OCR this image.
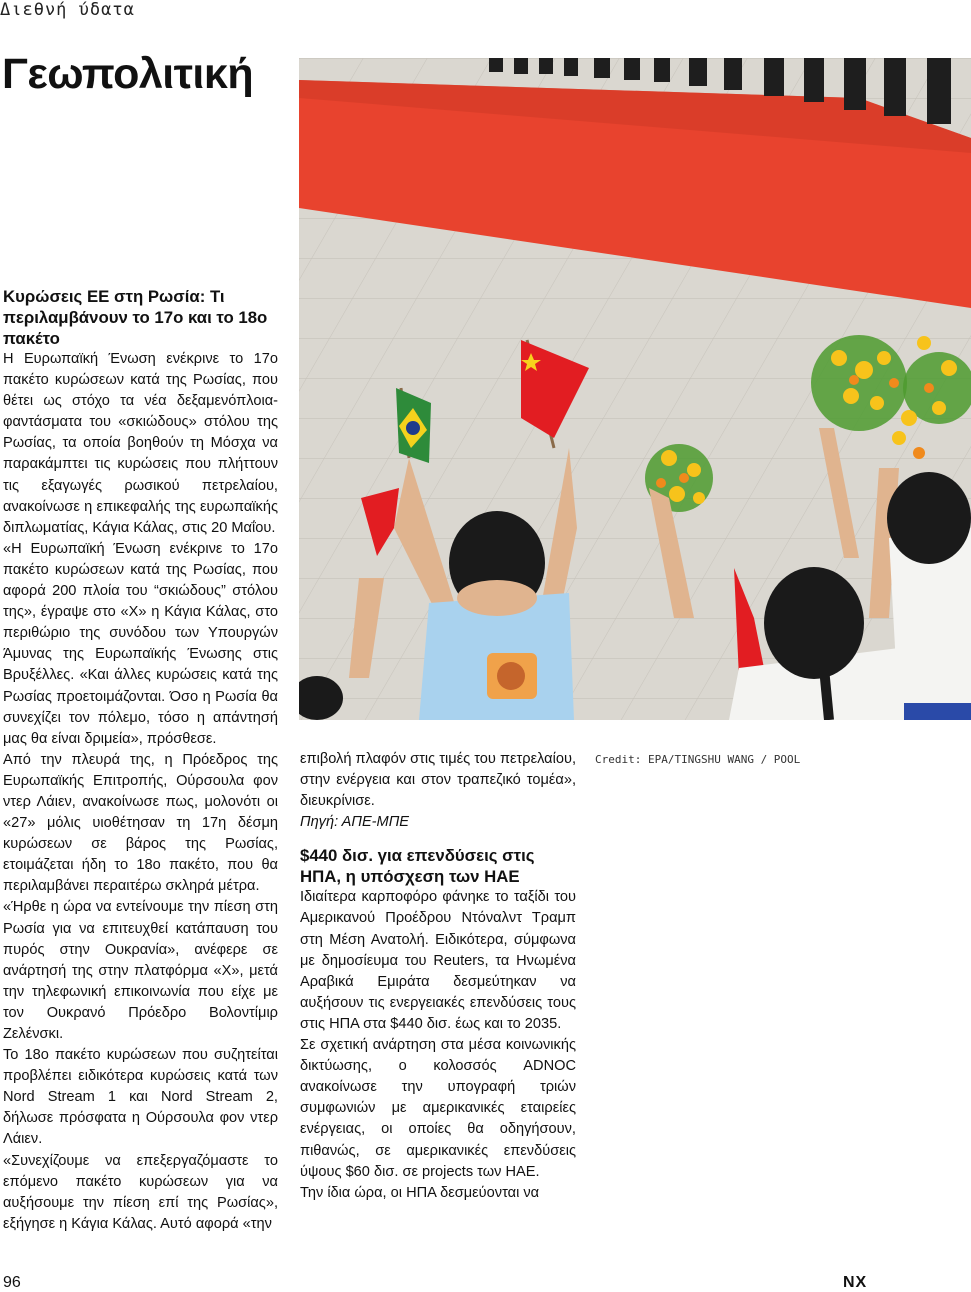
Διεθνή ύδατα
Γεωπολιτική
Credit: EPA/TINGSHU WANG / POOL
Κυρώσεις ΕΕ στη Ρωσία: Τι περιλαμβάνουν το 17ο και το 18ο πακέτο

Η Ευρωπαϊκή Ένωση ενέκρινε το 17ο πακέτο κυρώσεων κατά της Ρωσίας, που θέτει ως στόχο τα νέα δεξαμενόπλοια-φαντάσματα του «σκιώδους» στόλου της Ρωσίας, τα οποία βοηθούν τη Μόσχα να παρακάμπτει τις κυρώσεις που πλήττουν τις εξαγωγές ρωσικού πετρελαίου, ανακοίνωσε η επικεφαλής της ευρωπαϊκής διπλωματίας, Κάγια Κάλας, στις 20 Μαΐου.

«Η Ευρωπαϊκή Ένωση ενέκρινε το 17ο πακέτο κυρώσεων κατά της Ρωσίας, που αφορά 200 πλοία του “σκιώδους” στόλου της», έγραψε στο «Χ» η Κάγια Κάλας, στο περιθώριο της συνόδου των Υπουργών Άμυνας της Ευρωπαϊκής Ένωσης στις Βρυξέλλες. «Και άλλες κυρώσεις κατά της Ρωσίας προετοιμάζονται. Όσο η Ρωσία θα συνεχίζει τον πόλεμο, τόσο η απάντησή μας θα είναι δριμεία», πρόσθεσε.

Από την πλευρά της, η Πρόεδρος της Ευρωπαϊκής Επιτροπής, Ούρσουλα φον ντερ Λάιεν, ανακοίνωσε πως, μολονότι οι «27» μόλις υιοθέτησαν τη 17η δέσμη κυρώσεων σε βάρος της Ρωσίας, ετοιμάζεται ήδη το 18ο πακέτο, που θα περιλαμβάνει περαιτέρω σκληρά μέτρα.

«Ήρθε η ώρα να εντείνουμε την πίεση στη Ρωσία για να επιτευχθεί κατάπαυση του πυρός στην Ουκρανία», ανέφερε σε ανάρτησή της στην πλατφόρμα «Χ», μετά την τηλεφωνική επικοινωνία που είχε με τον Ουκρανό Πρόεδρο Βολοντίμιρ Ζελένσκι.

Το 18ο πακέτο κυρώσεων που συζητείται προβλέπει ειδικότερα κυρώσεις κατά των Nord Stream 1 και Nord Stream 2, δήλωσε πρόσφατα η Ούρσουλα φον ντερ Λάιεν.

«Συνεχίζουμε να επεξεργαζόμαστε το επόμενο πακέτο κυρώσεων για να αυξήσουμε την πίεση επί της Ρωσίας», εξήγησε η Κάγια Κάλας. Αυτό αφορά «την

επιβολή πλαφόν στις τιμές του πετρελαίου, στην ενέργεια και στον τραπεζικό τομέα», διευκρίνισε.

Πηγή: ΑΠΕ-ΜΠΕ

$440 δισ. για επενδύσεις στις ΗΠΑ, η υπόσχεση των ΗΑΕ

Ιδιαίτερα καρποφόρο φάνηκε το ταξίδι του Αμερικανού Προέδρου Ντόναλντ Τραμπ στη Μέση Ανατολή. Ειδικότερα, σύμφωνα με δημοσίευμα του Reuters, τα Ηνωμένα Αραβικά Εμιράτα δεσμεύτηκαν να αυξήσουν τις ενεργειακές επενδύσεις τους στις ΗΠΑ στα $440 δισ. έως και το 2035.

Σε σχετική ανάρτηση στα μέσα κοινωνικής δικτύωσης, ο κολοσσός ADNOC ανακοίνωσε την υπογραφή τριών συμφωνιών με αμερικανικές εταιρείες ενέργειας, οι οποίες θα οδηγήσουν, πιθανώς, σε αμερικανικές επενδύσεις ύψους $60 δισ. σε projects των ΗΑΕ.

Την ίδια ώρα, οι ΗΠΑ δεσμεύονται να

96	NX
